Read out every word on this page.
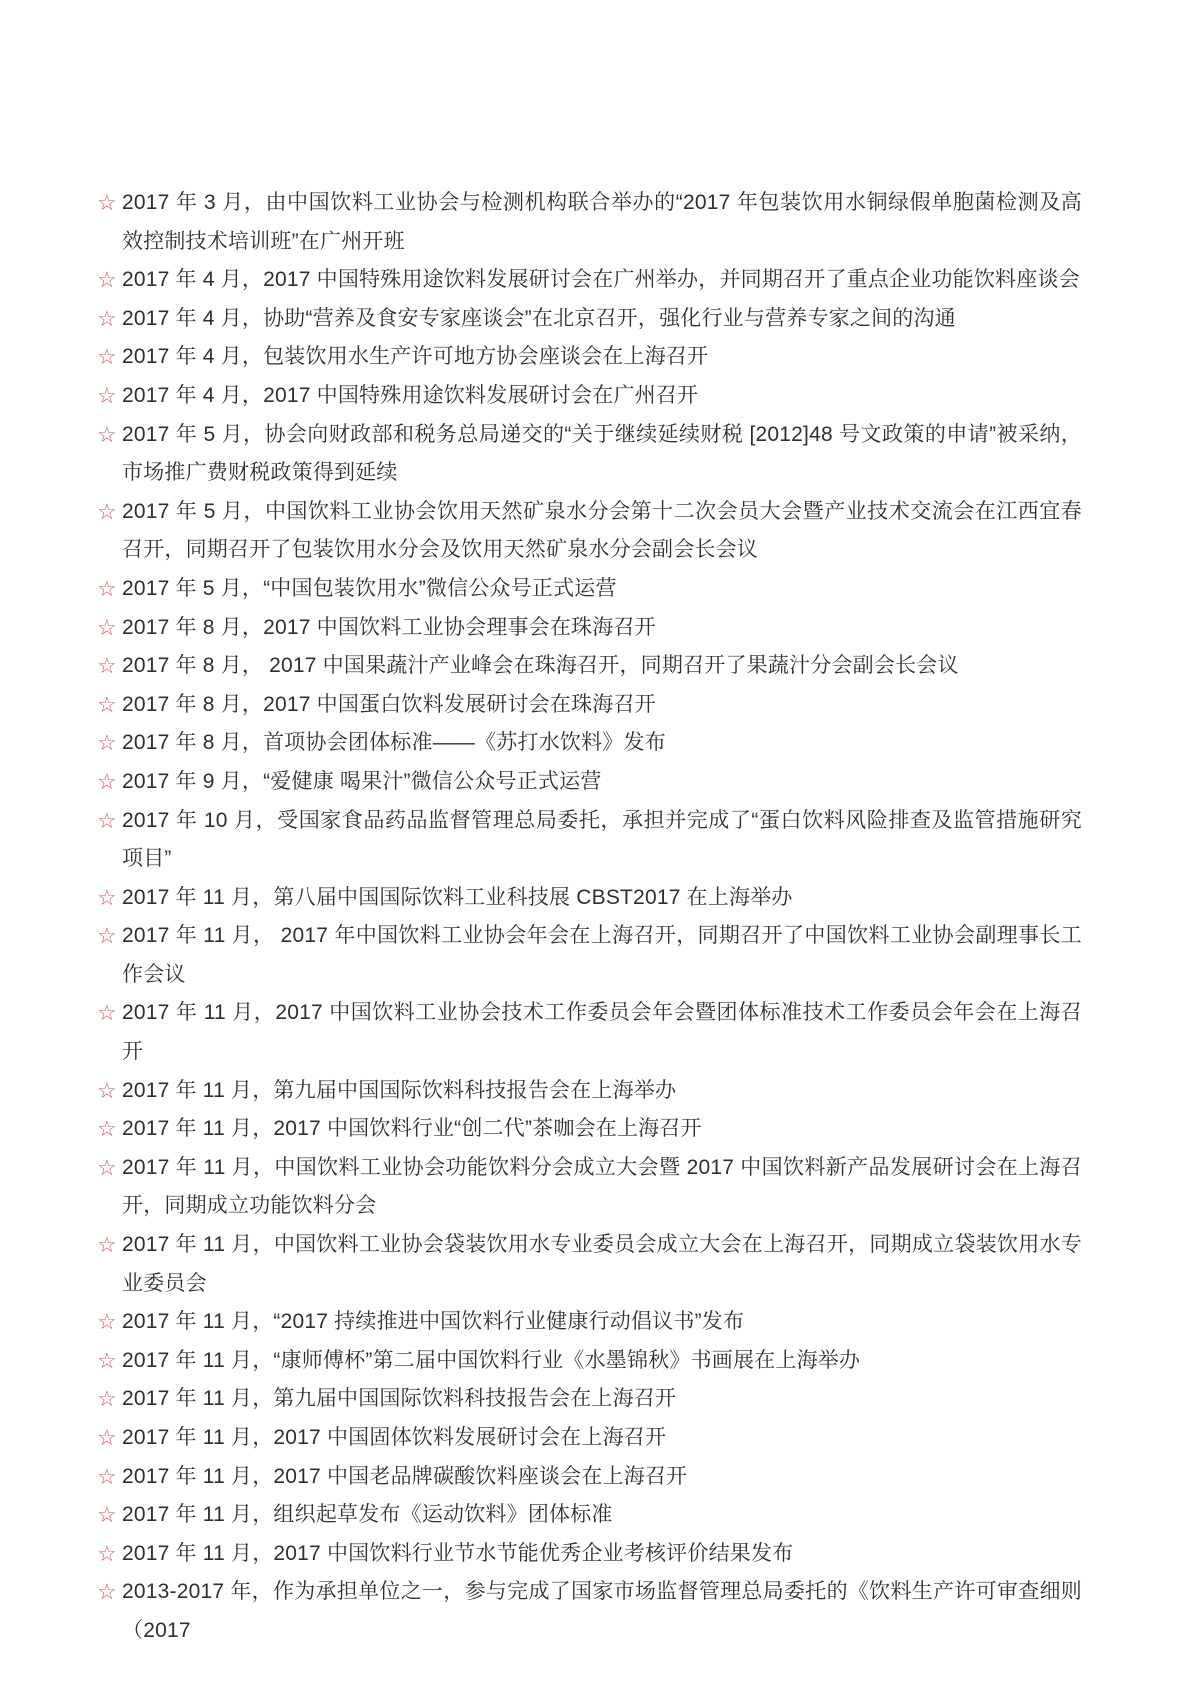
☆ 2017 年 3 月，由中国饮料工业协会与检测机构联合举办的“2017 年包装饮用水铜绿假单胞菌检测及高效控制技术培训班”在广州开班
☆ 2017 年 4 月，2017 中国特殊用途饮料发展研讨会在广州举办，并同期召开了重点企业功能饮料座谈会
☆ 2017 年 4 月，协助“营养及食安专家座谈会”在北京召开，强化行业与营养专家之间的沟通
☆ 2017 年 4 月，包装饮用水生产许可地方协会座谈会在上海召开
☆ 2017 年 4 月，2017 中国特殊用途饮料发展研讨会在广州召开
☆ 2017 年 5 月，协会向财政部和税务总局递交的“关于继续延续财税 [2012]48 号文政策的申请”被采纳，市场推广费财税政策得到延续
☆ 2017 年 5 月，中国饮料工业协会饮用天然矿泉水分会第十二次会员大会暨产业技术交流会在江西宜春召开，同期召开了包装饮用水分会及饮用天然矿泉水分会副会长会议
☆ 2017 年 5 月，“中国包装饮用水”微信公众号正式运营
☆ 2017 年 8 月，2017 中国饮料工业协会理事会在珠海召开
☆ 2017 年 8 月， 2017 中国果蔬汁产业峰会在珠海召开，同期召开了果蔬汁分会副会长会议
☆ 2017 年 8 月，2017 中国蛋白饮料发展研讨会在珠海召开
☆ 2017 年 8 月，首项协会团体标准——《苏打水饮料》发布
☆ 2017 年 9 月，“爱健康 喝果汁”微信公众号正式运营
☆ 2017 年 10 月，受国家食品药品监督管理总局委托，承担并完成了“蛋白饮料风险排查及监管措施研究项目”
☆ 2017 年 11 月，第八届中国国际饮料工业科技展 CBST2017 在上海举办
☆ 2017 年 11 月， 2017 年中国饮料工业协会年会在上海召开，同期召开了中国饮料工业协会副理事长工作会议
☆ 2017 年 11 月，2017 中国饮料工业协会技术工作委员会年会暨团体标准技术工作委员会年会在上海召开
☆ 2017 年 11 月，第九届中国国际饮料科技报告会在上海举办
☆ 2017 年 11 月，2017 中国饮料行业“创二代”茶咖会在上海召开
☆ 2017 年 11 月，中国饮料工业协会功能饮料分会成立大会暨 2017 中国饮料新产品发展研讨会在上海召开，同期成立功能饮料分会
☆ 2017 年 11 月，中国饮料工业协会袋装饮用水专业委员会成立大会在上海召开，同期成立袋装饮用水专业委员会
☆ 2017 年 11 月，“2017 持续推进中国饮料行业健康行动倡议书”发布
☆ 2017 年 11 月，“康师傅杯”第二届中国饮料行业《水墨锦秋》书画展在上海举办
☆ 2017 年 11 月，第九届中国国际饮料科技报告会在上海召开
☆ 2017 年 11 月，2017 中国固体饮料发展研讨会在上海召开
☆ 2017 年 11 月，2017 中国老品牌碳酸饮料座谈会在上海召开
☆ 2017 年 11 月，组织起草发布《运动饮料》团体标准
☆ 2017 年 11 月，2017 中国饮料行业节水节能优秀企业考核评价结果发布
☆ 2013-2017 年，作为承担单位之一，参与完成了国家市场监督管理总局委托的《饮料生产许可审查细则（2017
